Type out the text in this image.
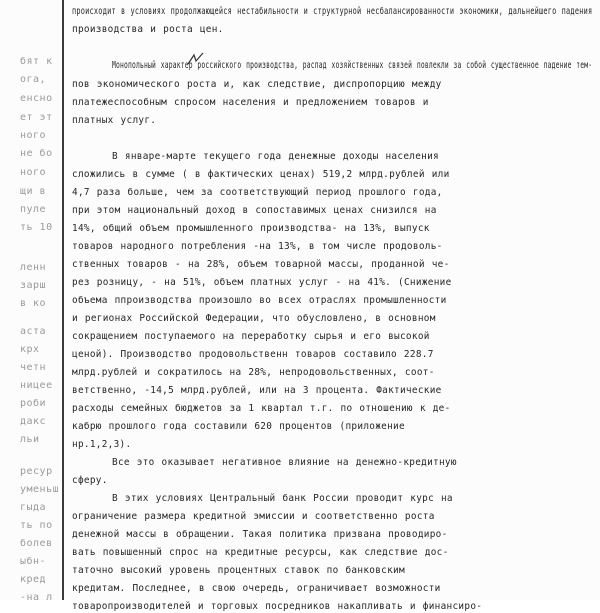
бят к
ога,
енсно
ет эт
ного
не бо
ного
щи в
пуле
ть 10
ленн
зарш
в ко
аста
крх
четн
ницее
роби
дакс
льи
ресур
уменьш
гыда
ть по
болев
ыбн-
кред
-на л
происходит в условиях продолжающейся нестабильности и структурной несбалансированности экономики, дальнейшего падения
производства и роста цен.
Монопольный характер российского производства, распад хозяйственных связей повлекли за собой существенное падение тем-
пов экономического роста и, как следствие, диспропорцию между
платежеспособным спросом населения и предложением товаров и
платных услуг.
В январе-марте текущего года денежные доходы населения
сложились в сумме ( в фактических ценах) 519,2 млрд.рублей или
4,7 раза больше, чем за соответствующий период прошлого года,
при этом национальный доход в сопоставимых ценах снизился на
14%, общий объем промышленного производства- на 13%, выпуск
товаров народного потребления -на 13%, в том числе продоволь-
ственных товаров - на 28%, объем товарной массы, проданной че-
рез розницу, - на 51%, объем платных услуг - на 41%. (Снижение
объема ппроизводства произошло во всех отраслях промышленности
и регионах Российской Федерации, что обусловлено, в основном
сокращением поступаемого на переработку сырья и его высокой
ценой). Производство продовольственн товаров составило 228.7
млрд.рублей и сократилось на 28%, непродовольственных, соот-
ветственно, -14,5 млрд.рублей, или на 3 процента. Фактические
расходы семейных бюджетов за 1 квартал т.г. по отношению к де-
кабрю прошлого года составили 620 процентов (приложение
нр.1,2,3).
Все это оказывает негативное влияние на денежно-кредитную
сферу.
В этих условиях Центральный банк России проводит курс на
ограничение размера кредитной эмиссии и соответственно роста
денежной массы в обращении. Такая политика призвана проводиро-
вать повышенный спрос на кредитные ресурсы, как следствие дос-
таточно высокий уровень процентных ставок по банковским
кредитам. Последнее, в свою очередь, ограничивает возможности
товаропроизводителей и торговых посредников накапливать и финансиро-
